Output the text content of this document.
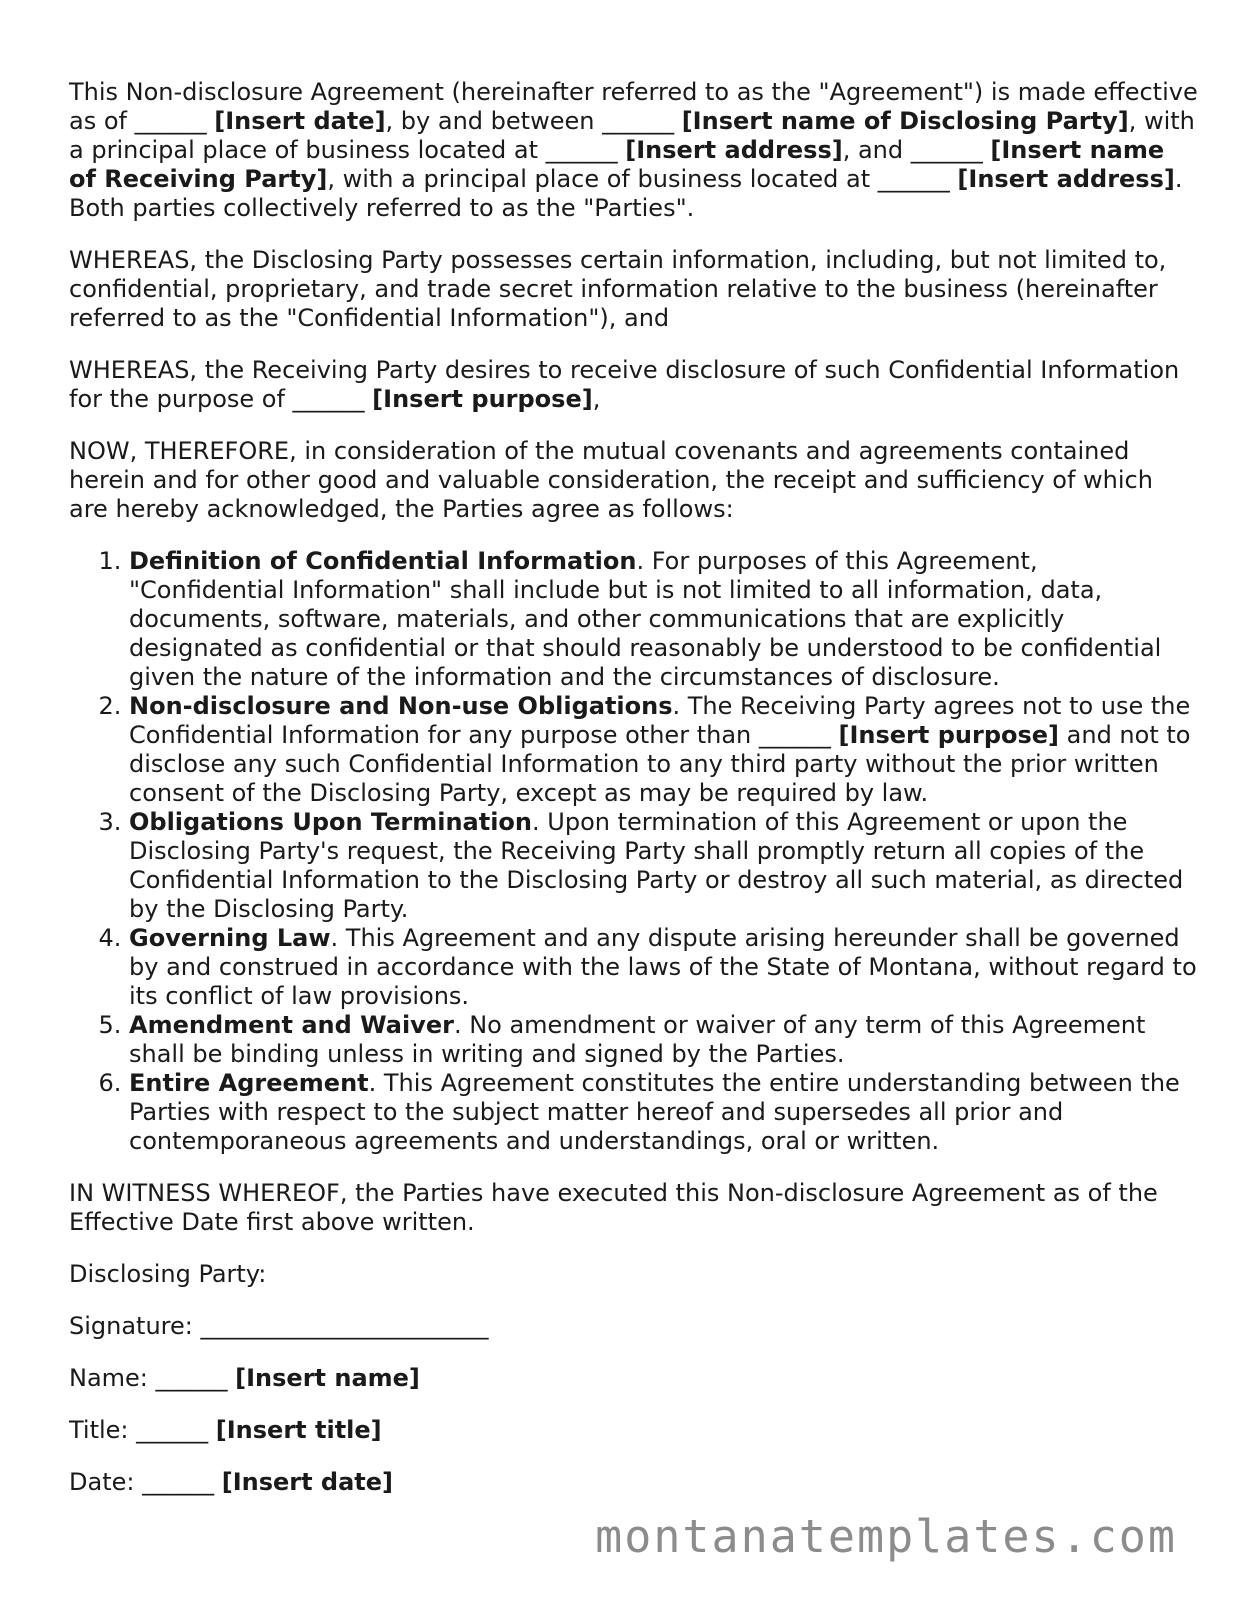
This Non-disclosure Agreement (hereinafter referred to as the "Agreement") is made effective as of ______ [Insert date], by and between ______ [Insert name of Disclosing Party], with a principal place of business located at ______ [Insert address], and ______ [Insert name of Receiving Party], with a principal place of business located at ______ [Insert address]. Both parties collectively referred to as the "Parties".

WHEREAS, the Disclosing Party possesses certain information, including, but not limited to, confidential, proprietary, and trade secret information relative to the business (hereinafter referred to as the "Confidential Information"), and

WHEREAS, the Receiving Party desires to receive disclosure of such Confidential Information for the purpose of ______ [Insert purpose],

NOW, THEREFORE, in consideration of the mutual covenants and agreements contained herein and for other good and valuable consideration, the receipt and sufficiency of which are hereby acknowledged, the Parties agree as follows:

1. Definition of Confidential Information. For purposes of this Agreement, "Confidential Information" shall include but is not limited to all information, data, documents, software, materials, and other communications that are explicitly designated as confidential or that should reasonably be understood to be confidential given the nature of the information and the circumstances of disclosure.
2. Non-disclosure and Non-use Obligations. The Receiving Party agrees not to use the Confidential Information for any purpose other than ______ [Insert purpose] and not to disclose any such Confidential Information to any third party without the prior written consent of the Disclosing Party, except as may be required by law.
3. Obligations Upon Termination. Upon termination of this Agreement or upon the Disclosing Party's request, the Receiving Party shall promptly return all copies of the Confidential Information to the Disclosing Party or destroy all such material, as directed by the Disclosing Party.
4. Governing Law. This Agreement and any dispute arising hereunder shall be governed by and construed in accordance with the laws of the State of Montana, without regard to its conflict of law provisions.
5. Amendment and Waiver. No amendment or waiver of any term of this Agreement shall be binding unless in writing and signed by the Parties.
6. Entire Agreement. This Agreement constitutes the entire understanding between the Parties with respect to the subject matter hereof and supersedes all prior and contemporaneous agreements and understandings, oral or written.

IN WITNESS WHEREOF, the Parties have executed this Non-disclosure Agreement as of the Effective Date first above written.

Disclosing Party:

Signature: ________________________

Name: ______ [Insert name]

Title: ______ [Insert title]

Date: ______ [Insert date]

montanatemplates.com
